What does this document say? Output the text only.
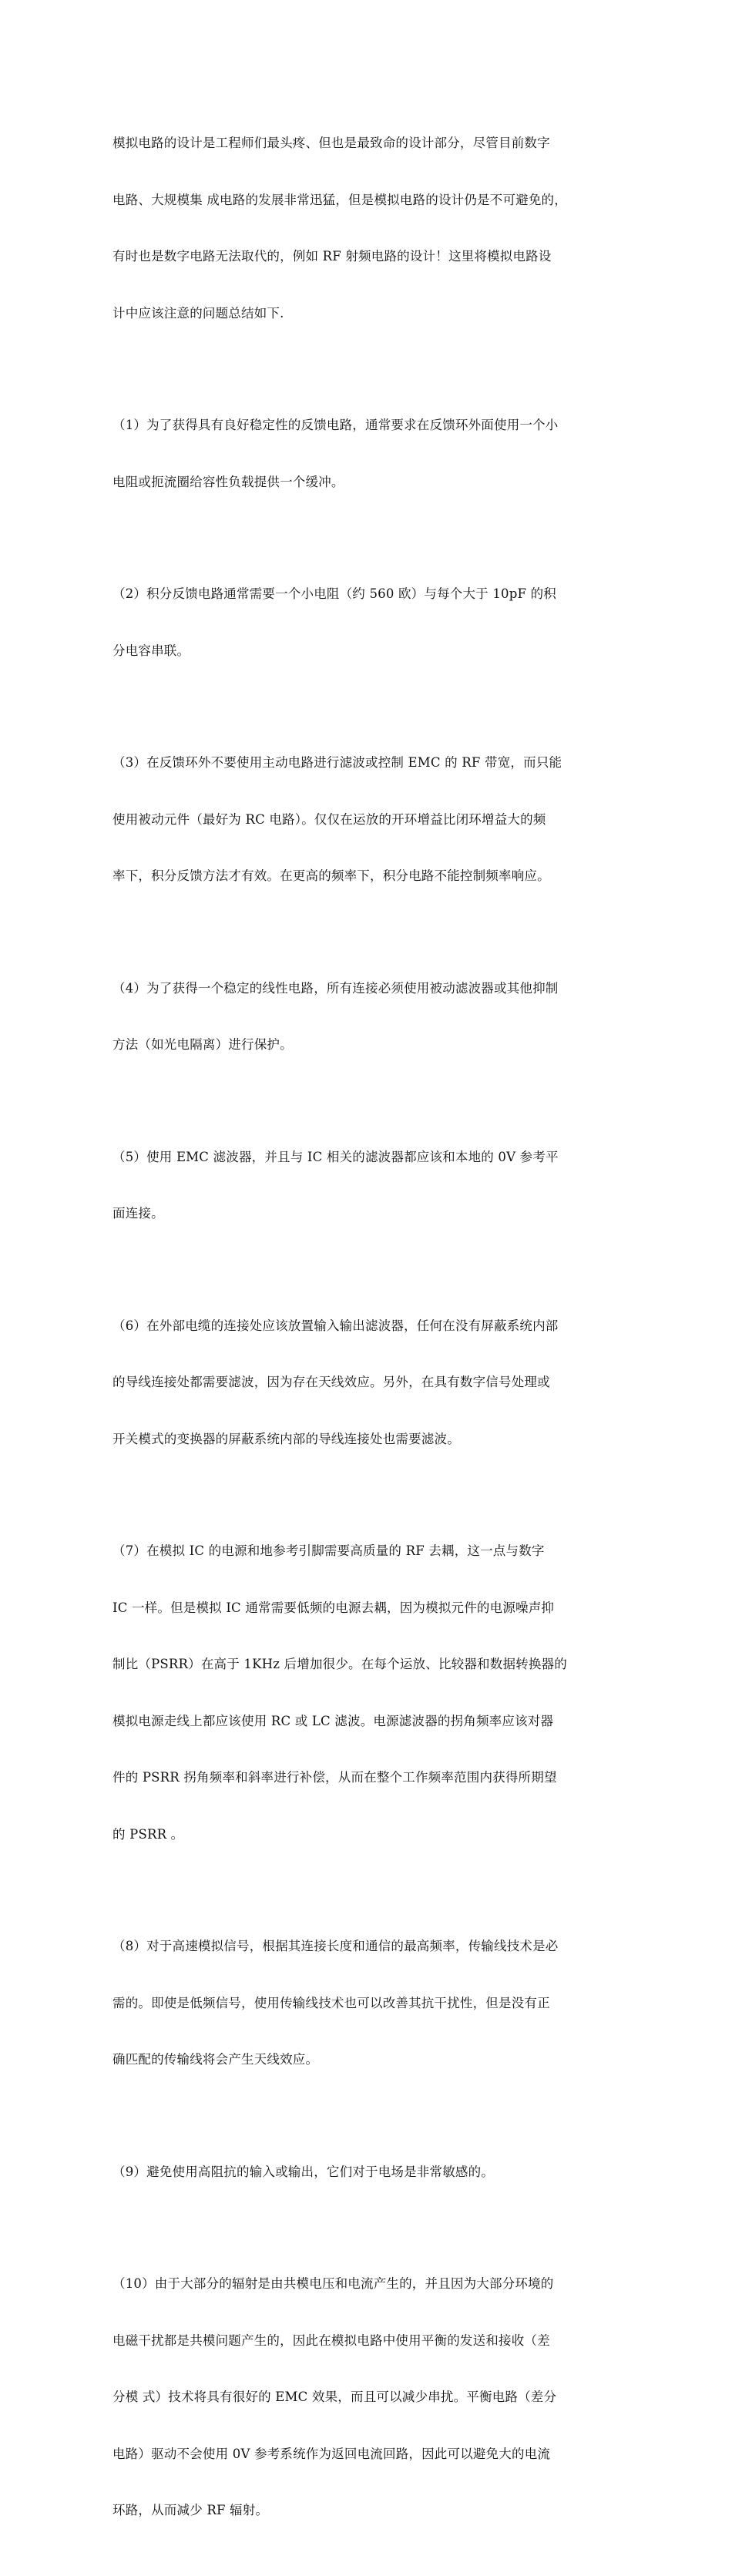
模拟电路的设计是工程师们最头疼、但也是最致命的设计部分，尽管目前数字

电路、大规模集 成电路的发展非常迅猛，但是模拟电路的设计仍是不可避免的，

有时也是数字电路无法取代的，例如 RF 射频电路的设计！这里将模拟电路设

计中应该注意的问题总结如下.

（1）为了获得具有良好稳定性的反馈电路，通常要求在反馈环外面使用一个小

电阻或扼流圈给容性负载提供一个缓冲。

（2）积分反馈电路通常需要一个小电阻（约 560 欧）与每个大于 10pF 的积

分电容串联。

（3）在反馈环外不要使用主动电路进行滤波或控制 EMC 的 RF 带宽，而只能

使用被动元件（最好为 RC 电路）。仅仅在运放的开环增益比闭环增益大的频

率下，积分反馈方法才有效。在更高的频率下，积分电路不能控制频率响应。

（4）为了获得一个稳定的线性电路，所有连接必须使用被动滤波器或其他抑制

方法（如光电隔离）进行保护。

（5）使用 EMC 滤波器，并且与 IC 相关的滤波器都应该和本地的 0V 参考平

面连接。

（6）在外部电缆的连接处应该放置输入输出滤波器，任何在没有屏蔽系统内部

的导线连接处都需要滤波，因为存在天线效应。另外，在具有数字信号处理或

开关模式的变换器的屏蔽系统内部的导线连接处也需要滤波。

（7）在模拟 IC 的电源和地参考引脚需要高质量的 RF 去耦，这一点与数字

IC 一样。但是模拟 IC 通常需要低频的电源去耦，因为模拟元件的电源噪声抑

制比（PSRR）在高于 1KHz 后增加很少。在每个运放、比较器和数据转换器的

模拟电源走线上都应该使用 RC 或 LC 滤波。电源滤波器的拐角频率应该对器

件的 PSRR 拐角频率和斜率进行补偿，从而在整个工作频率范围内获得所期望

的 PSRR 。

（8）对于高速模拟信号，根据其连接长度和通信的最高频率，传输线技术是必

需的。即使是低频信号，使用传输线技术也可以改善其抗干扰性，但是没有正

确匹配的传输线将会产生天线效应。

（9）避免使用高阻抗的输入或输出，它们对于电场是非常敏感的。

（10）由于大部分的辐射是由共模电压和电流产生的，并且因为大部分环境的

电磁干扰都是共模问题产生的，因此在模拟电路中使用平衡的发送和接收（差

分模 式）技术将具有很好的 EMC 效果，而且可以减少串扰。平衡电路（差分

电路）驱动不会使用 0V 参考系统作为返回电流回路，因此可以避免大的电流

环路，从而减少 RF 辐射。
